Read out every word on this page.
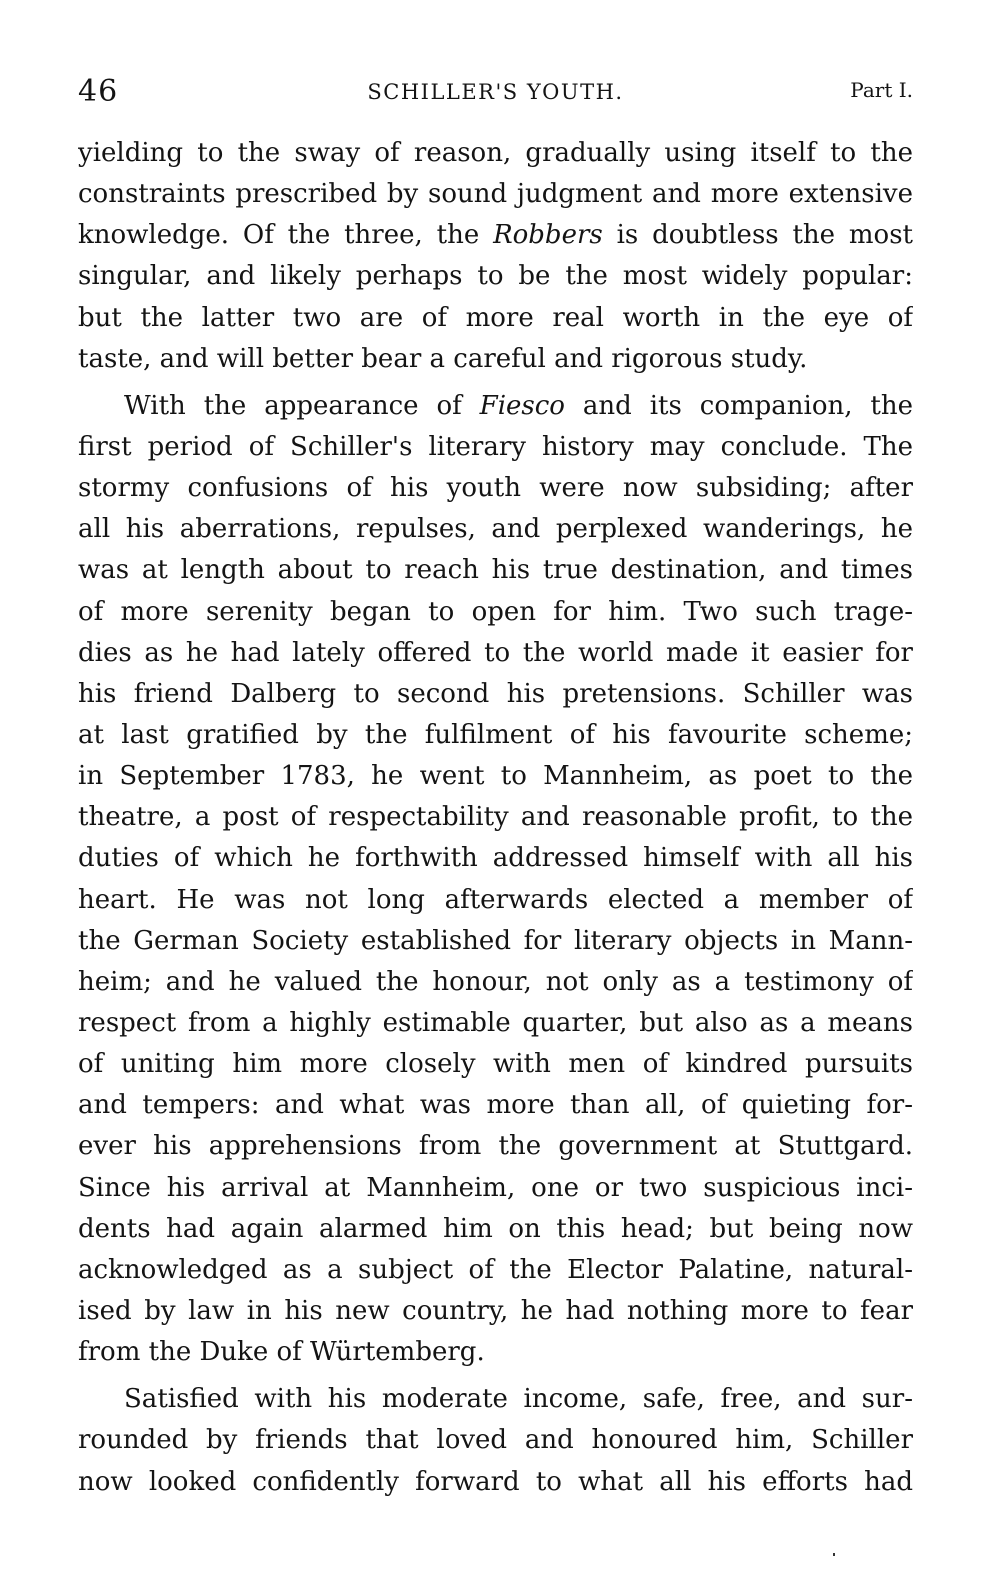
46	SCHILLER'S YOUTH.	Part I.
yielding to the sway of reason, gradually using itself to the
constraints prescribed by sound judgment and more extensive
knowledge. Of the three, the Robbers is doubtless the most
singular, and likely perhaps to be the most widely popular:
but the latter two are of more real worth in the eye of
taste, and will better bear a careful and rigorous study.
With the appearance of Fiesco and its companion, the
first period of Schiller's literary history may conclude. The
stormy confusions of his youth were now subsiding; after
all his aberrations, repulses, and perplexed wanderings, he
was at length about to reach his true destination, and times
of more serenity began to open for him. Two such trage-
dies as he had lately offered to the world made it easier for
his friend Dalberg to second his pretensions. Schiller was
at last gratified by the fulfilment of his favourite scheme;
in September 1783, he went to Mannheim, as poet to the
theatre, a post of respectability and reasonable profit, to the
duties of which he forthwith addressed himself with all his
heart. He was not long afterwards elected a member of
the German Society established for literary objects in Mann-
heim; and he valued the honour, not only as a testimony of
respect from a highly estimable quarter, but also as a means
of uniting him more closely with men of kindred pursuits
and tempers: and what was more than all, of quieting for-
ever his apprehensions from the government at Stuttgard.
Since his arrival at Mannheim, one or two suspicious inci-
dents had again alarmed him on this head; but being now
acknowledged as a subject of the Elector Palatine, natural-
ised by law in his new country, he had nothing more to fear
from the Duke of Würtemberg.
Satisfied with his moderate income, safe, free, and sur-
rounded by friends that loved and honoured him, Schiller
now looked confidently forward to what all his efforts had
